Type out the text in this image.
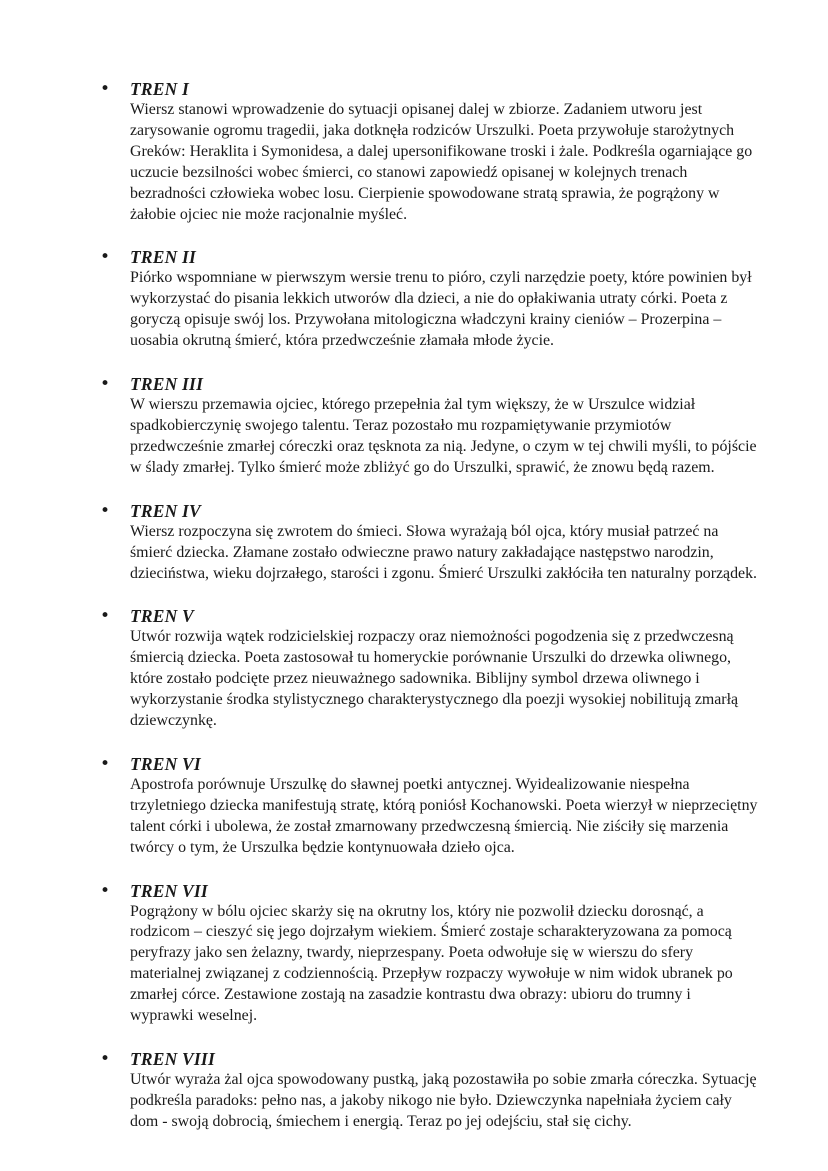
• TREN I

Wiersz stanowi wprowadzenie do sytuacji opisanej dalej w zbiorze. Zadaniem utworu jest zarysowanie ogromu tragedii, jaka dotknęła rodziców Urszulki. Poeta przywołuje starożytnych Greków: Heraklita i Symonidesa, a dalej upersonifikowane troski i żale. Podkreśla ogarniające go uczucie bezsilności wobec śmierci, co stanowi zapowiedź opisanej w kolejnych trenach bezradności człowieka wobec losu. Cierpienie spowodowane stratą sprawia, że pogrążony w żałobie ojciec nie może racjonalnie myśleć.

• TREN II

Piórko wspomniane w pierwszym wersie trenu to pióro, czyli narzędzie poety, które powinien był wykorzystać do pisania lekkich utworów dla dzieci, a nie do opłakiwania utraty córki. Poeta z goryczą opisuje swój los. Przywołana mitologiczna władczyni krainy cieniów – Prozerpina – uosabia okrutną śmierć, która przedwcześnie złamała młode życie.

• TREN III

W wierszu przemawia ojciec, którego przepełnia żal tym większy, że w Urszulce widział spadkobierczynię swojego talentu. Teraz pozostało mu rozpamiętywanie przymiotów przedwcześnie zmarłej córeczki oraz tęsknota za nią. Jedyne, o czym w tej chwili myśli, to pójście w ślady zmarłej. Tylko śmierć może zbliżyć go do Urszulki, sprawić, że znowu będą razem.

• TREN IV

Wiersz rozpoczyna się zwrotem do śmieci. Słowa wyrażają ból ojca, który musiał patrzeć na śmierć dziecka. Złamane zostało odwieczne prawo natury zakładające następstwo narodzin, dzieciństwa, wieku dojrzałego, starości i zgonu. Śmierć Urszulki zakłóciła ten naturalny porządek.

• TREN V

Utwór rozwija wątek rodzicielskiej rozpaczy oraz niemożności pogodzenia się z przedwczesną śmiercią dziecka. Poeta zastosował tu homeryckie porównanie Urszulki do drzewka oliwnego, które zostało podcięte przez nieuważnego sadownika. Biblijny symbol drzewa oliwnego i wykorzystanie środka stylistycznego charakterystycznego dla poezji wysokiej nobilitują zmarłą dziewczynkę.

• TREN VI

Apostrofa porównuje Urszulkę do sławnej poetki antycznej. Wyidealizowanie niespełna trzyletniego dziecka manifestują stratę, którą poniósł Kochanowski. Poeta wierzył w nieprzeciętny talent córki i ubolewa, że został zmarnowany przedwczesną śmiercią. Nie ziściły się marzenia twórcy o tym, że Urszulka będzie kontynuowała dzieło ojca.

• TREN VII

Pogrążony w bólu ojciec skarży się na okrutny los, który nie pozwolił dziecku dorosnąć, a rodzicom – cieszyć się jego dojrzałym wiekiem. Śmierć zostaje scharakteryzowana za pomocą peryfrazy jako sen żelazny, twardy, nieprzespany. Poeta odwołuje się w wierszu do sfery materialnej związanej z codziennością. Przepływ rozpaczy wywołuje w nim widok ubranek po zmarłej córce. Zestawione zostają na zasadzie kontrastu dwa obrazy: ubioru do trumny i wyprawki weselnej.

• TREN VIII

Utwór wyraża żal ojca spowodowany pustką, jaką pozostawiła po sobie zmarła córeczka. Sytuację podkreśla paradoks: pełno nas, a jakoby nikogo nie było. Dziewczynka napełniała życiem cały dom - swoją dobrocią, śmiechem i energią. Teraz po jej odejściu, stał się cichy.
